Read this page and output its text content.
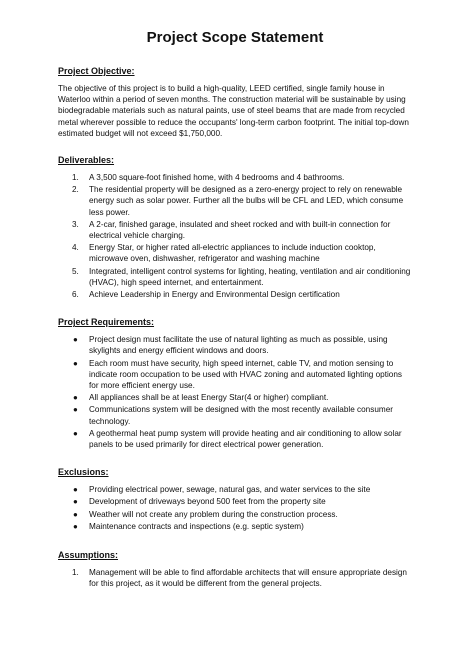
Project Scope Statement
Project Objective:

The objective of this project is to build a high-quality, LEED certified, single family house in Waterloo within a period of seven months. The construction material will be sustainable by using biodegradable materials such as natural paints, use of steel beams that are made from recycled metal wherever possible to reduce the occupants' long-term carbon footprint. The initial top-down estimated budget will not exceed $1,750,000.

Deliverables:
1. A 3,500 square-foot finished home, with 4 bedrooms and 4 bathrooms.
2. The residential property will be designed as a zero-energy project to rely on renewable energy such as solar power. Further all the bulbs will be CFL and LED, which consume less power.
3. A 2-car, finished garage, insulated and sheet rocked and with built-in connection for electrical vehicle charging.
4. Energy Star, or higher rated all-electric appliances to include induction cooktop, microwave oven, dishwasher, refrigerator and washing machine
5. Integrated, intelligent control systems for lighting, heating, ventilation and air conditioning (HVAC), high speed internet, and entertainment.
6. Achieve Leadership in Energy and Environmental Design certification
Project Requirements:
● Project design must facilitate the use of natural lighting as much as possible, using skylights and energy efficient windows and doors.
● Each room must have security, high speed internet, cable TV, and motion sensing to indicate room occupation to be used with HVAC zoning and automated lighting options for more efficient energy use.
● All appliances shall be at least Energy Star(4 or higher) compliant.
● Communications system will be designed with the most recently available consumer technology.
● A geothermal heat pump system will provide heating and air conditioning to allow solar panels to be used primarily for direct electrical power generation.
Exclusions:
● Providing electrical power, sewage, natural gas, and water services to the site
● Development of driveways beyond 500 feet from the property site
● Weather will not create any problem during the construction process.
● Maintenance contracts and inspections (e.g. septic system)
Assumptions:
1. Management will be able to find affordable architects that will ensure appropriate design for this project, as it would be different from the general projects.
